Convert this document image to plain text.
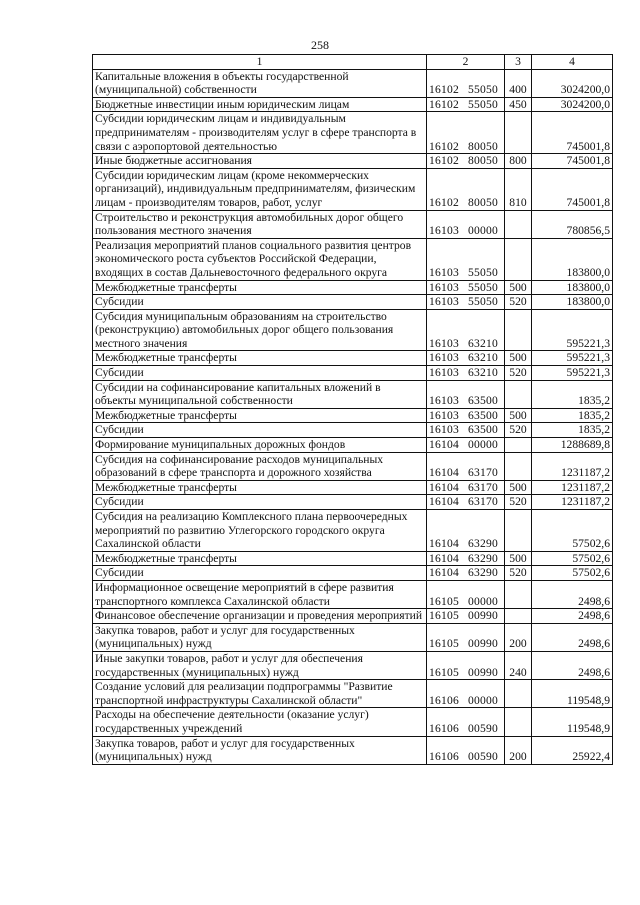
258
1	2	3	4
Капитальные вложения в объекты государственной (муниципальной) собственности	16102 55050	400	3024200,0
Бюджетные инвестиции иным юридическим лицам	16102 55050	450	3024200,0
Субсидии юридическим лицам и индивидуальным предпринимателям - производителям услуг в сфере транспорта в связи с аэропортовой деятельностью	16102 80050		745001,8
Иные бюджетные ассигнования	16102 80050	800	745001,8
Субсидии юридическим лицам (кроме некоммерческих организаций), индивидуальным предпринимателям, физическим лицам - производителям товаров, работ, услуг	16102 80050	810	745001,8
Строительство и реконструкция автомобильных дорог общего пользования местного значения	16103 00000		780856,5
Реализация мероприятий планов социального развития центров экономического роста субъектов Российской Федерации, входящих в состав Дальневосточного федерального округа	16103 55050		183800,0
Межбюджетные трансферты	16103 55050	500	183800,0
Субсидии	16103 55050	520	183800,0
Субсидия муниципальным образованиям на строительство (реконструкцию) автомобильных дорог общего пользования местного значения	16103 63210		595221,3
Межбюджетные трансферты	16103 63210	500	595221,3
Субсидии	16103 63210	520	595221,3
Субсидии на софинансирование капитальных вложений в объекты муниципальной собственности	16103 63500		1835,2
Межбюджетные трансферты	16103 63500	500	1835,2
Субсидии	16103 63500	520	1835,2
Формирование муниципальных дорожных фондов	16104 00000		1288689,8
Субсидия на софинансирование расходов муниципальных образований в сфере транспорта и дорожного хозяйства	16104 63170		1231187,2
Межбюджетные трансферты	16104 63170	500	1231187,2
Субсидии	16104 63170	520	1231187,2
Субсидия на реализацию Комплексного плана первоочередных мероприятий по развитию Углегорского городского округа Сахалинской области	16104 63290		57502,6
Межбюджетные трансферты	16104 63290	500	57502,6
Субсидии	16104 63290	520	57502,6
Информационное освещение мероприятий в сфере развития транспортного комплекса Сахалинской области	16105 00000		2498,6
Финансовое обеспечение организации и проведения мероприятий	16105 00990		2498,6
Закупка товаров, работ и услуг для государственных (муниципальных) нужд	16105 00990	200	2498,6
Иные закупки товаров, работ и услуг для обеспечения государственных (муниципальных) нужд	16105 00990	240	2498,6
Создание условий для реализации подпрограммы "Развитие транспортной инфраструктуры Сахалинской области"	16106 00000		119548,9
Расходы на обеспечение деятельности (оказание услуг) государственных учреждений	16106 00590		119548,9
Закупка товаров, работ и услуг для государственных (муниципальных) нужд	16106 00590	200	25922,4
